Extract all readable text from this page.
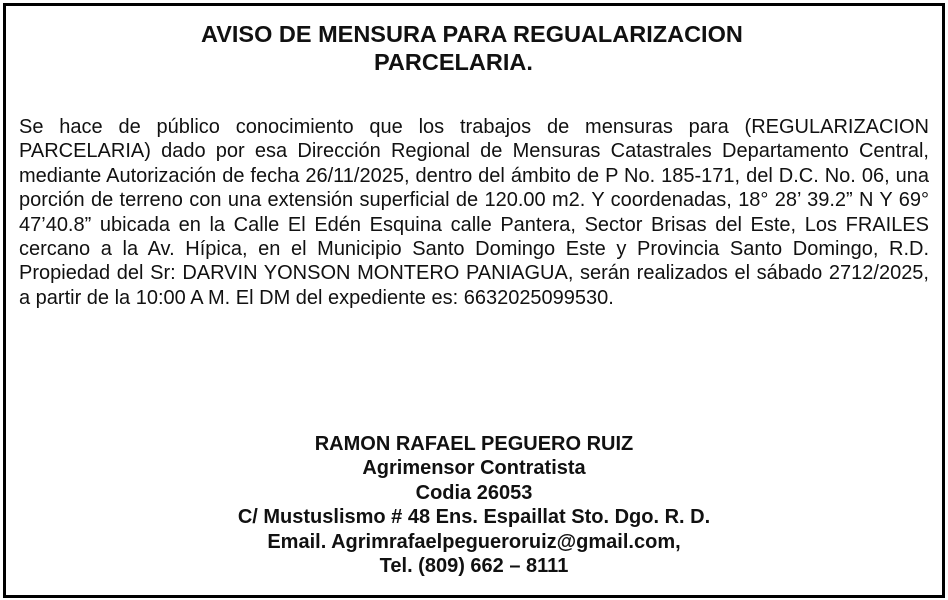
AVISO DE MENSURA PARA REGUALARIZACION
PARCELARIA.

Se hace de público conocimiento que los trabajos de mensuras para (REGULARIZACION PARCELARIA) dado por esa Dirección Regional de Mensuras Catastrales Departamento Central, mediante Autorización de fecha 26/11/2025, dentro del ámbito de P No. 185-171, del D.C. No. 06, una porción de terreno con una extensión superficial de 120.00 m2. Y coordenadas, 18° 28’ 39.2” N Y 69° 47’40.8” ubicada en la Calle El Edén Esquina calle Pantera, Sector Brisas del Este, Los FRAILES cercano a la Av. Hípica, en el Municipio Santo Domingo Este y Provincia Santo Domingo, R.D. Propiedad del Sr: DARVIN YONSON MONTERO PANIAGUA, serán realizados el sábado 2712/2025, a partir de la 10:00 A M. El DM del expediente es: 6632025099530.

RAMON RAFAEL PEGUERO RUIZ
Agrimensor Contratista
Codia 26053
C/ Mustuslismo # 48 Ens. Espaillat Sto. Dgo. R. D.
Email. Agrimrafaelpegueroruiz@gmail.com,
Tel. (809) 662 – 8111
